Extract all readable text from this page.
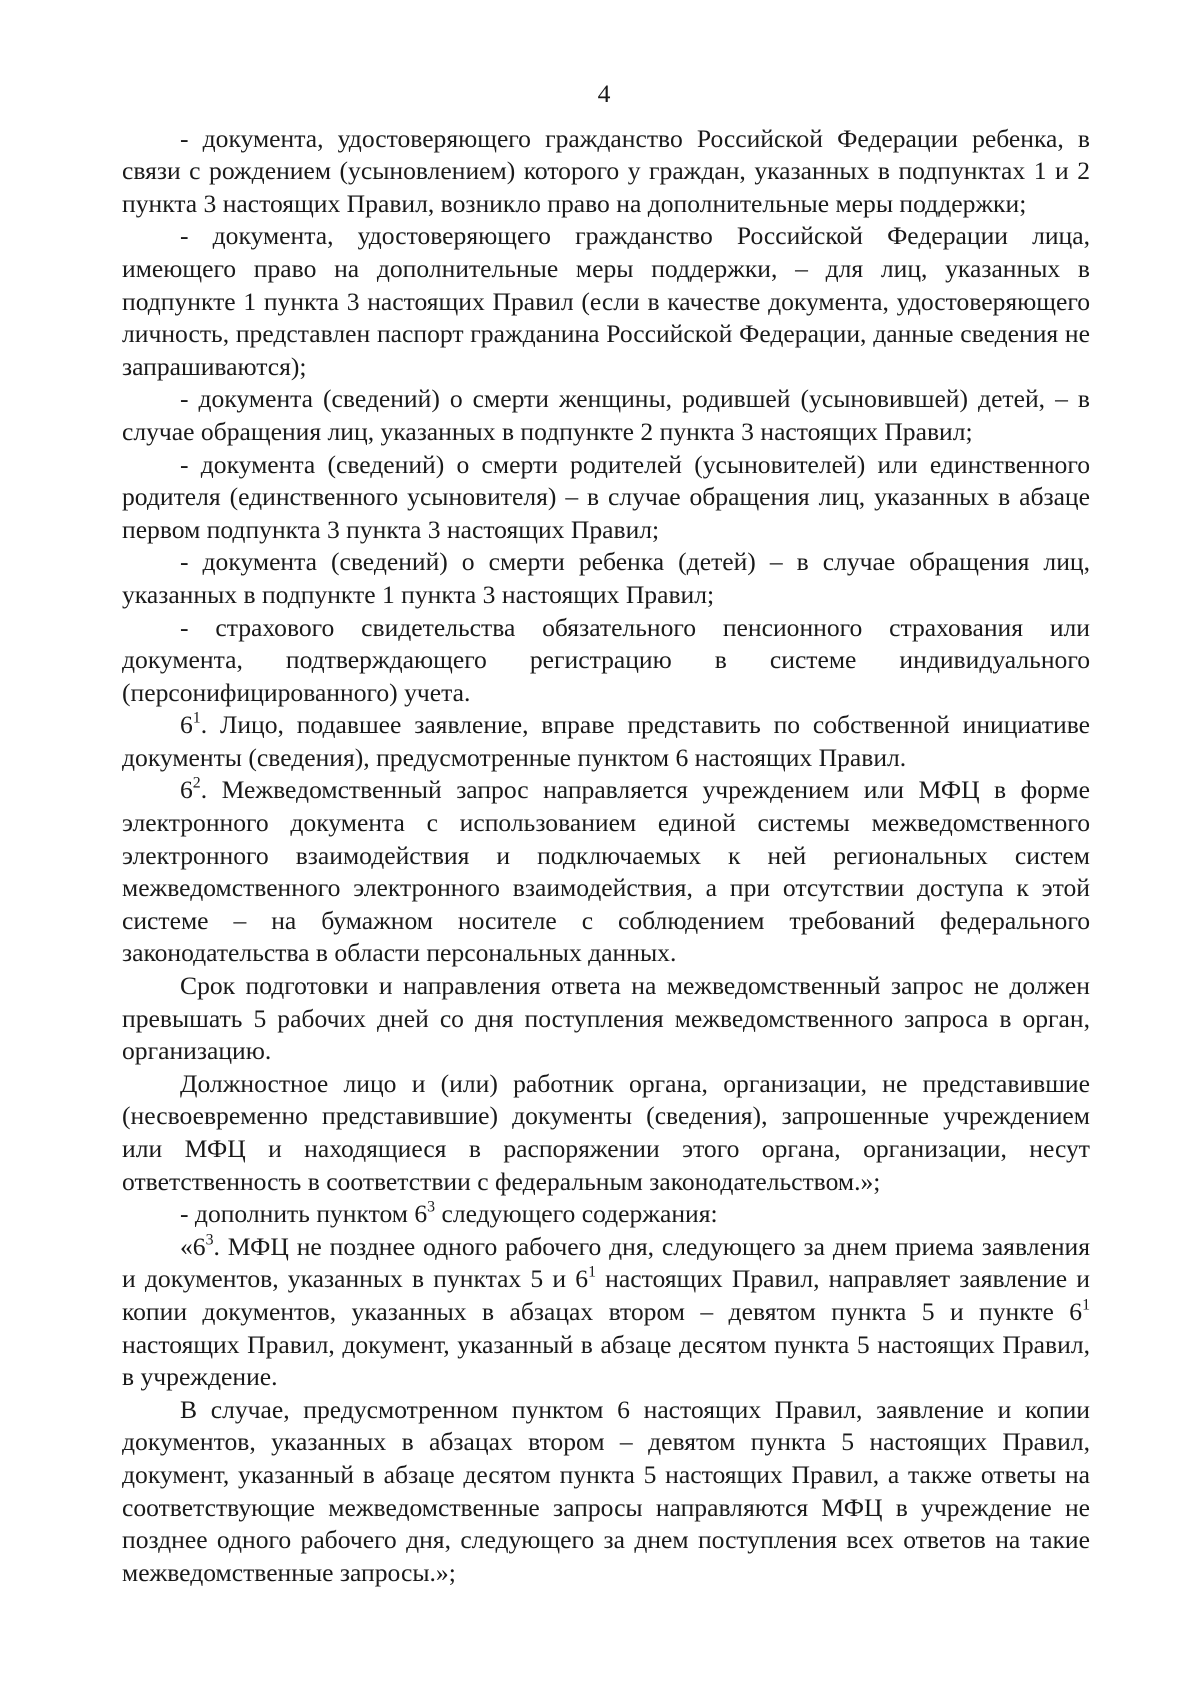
4

- документа, удостоверяющего гражданство Российской Федерации ребенка, в связи с рождением (усыновлением) которого у граждан, указанных в подпунктах 1 и 2 пункта 3 настоящих Правил, возникло право на дополнительные меры поддержки;

- документа, удостоверяющего гражданство Российской Федерации лица, имеющего право на дополнительные меры поддержки, – для лиц, указанных в подпункте 1 пункта 3 настоящих Правил (если в качестве документа, удостоверяющего личность, представлен паспорт гражданина Российской Федерации, данные сведения не запрашиваются);

- документа (сведений) о смерти женщины, родившей (усыновившей) детей, – в случае обращения лиц, указанных в подпункте 2 пункта 3 настоящих Правил;

- документа (сведений) о смерти родителей (усыновителей) или единственного родителя (единственного усыновителя) – в случае обращения лиц, указанных в абзаце первом подпункта 3 пункта 3 настоящих Правил;

- документа (сведений) о смерти ребенка (детей) – в случае обращения лиц, указанных в подпункте 1 пункта 3 настоящих Правил;

- страхового свидетельства обязательного пенсионного страхования или документа, подтверждающего регистрацию в системе индивидуального (персонифицированного) учета.

$6^1$. Лицо, подавшее заявление, вправе представить по собственной инициативе документы (сведения), предусмотренные пунктом 6 настоящих Правил.

$6^2$. Межведомственный запрос направляется учреждением или МФЦ в форме электронного документа с использованием единой системы межведомственного электронного взаимодействия и подключаемых к ней региональных систем межведомственного электронного взаимодействия, а при отсутствии доступа к этой системе – на бумажном носителе с соблюдением требований федерального законодательства в области персональных данных.

Срок подготовки и направления ответа на межведомственный запрос не должен превышать 5 рабочих дней со дня поступления межведомственного запроса в орган, организацию.

Должностное лицо и (или) работник органа, организации, не представившие (несвоевременно представившие) документы (сведения), запрошенные учреждением или МФЦ и находящиеся в распоряжении этого органа, организации, несут ответственность в соответствии с федеральным законодательством.»;

- дополнить пунктом $6^3$ следующего содержания:

«$6^3$. МФЦ не позднее одного рабочего дня, следующего за днем приема заявления и документов, указанных в пунктах 5 и $6^1$ настоящих Правил, направляет заявление и копии документов, указанных в абзацах втором – девятом пункта 5 и пункте $6^1$ настоящих Правил, документ, указанный в абзаце десятом пункта 5 настоящих Правил, в учреждение.

В случае, предусмотренном пунктом 6 настоящих Правил, заявление и копии документов, указанных в абзацах втором – девятом пункта 5 настоящих Правил, документ, указанный в абзаце десятом пункта 5 настоящих Правил, а также ответы на соответствующие межведомственные запросы направляются МФЦ в учреждение не позднее одного рабочего дня, следующего за днем поступления всех ответов на такие межведомственные запросы.»;
